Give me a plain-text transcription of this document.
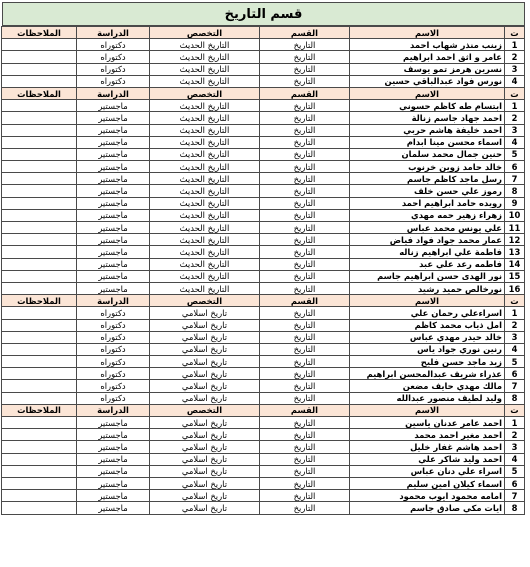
قسم التاريخ
ت	الاسم	القسم	التخصص	الدراسة	الملاحظات
1	زينب منذر شهاب احمد	التاريخ	التاريخ الحديث	دكتوراه	
2	عامر و اثق احمد ابراهيم	التاريخ	التاريخ الحديث	دكتوراه	
3	نسرين هرمز تمو يوسف	التاريخ	التاريخ الحديث	دكتوراه	
4	نورس فواد عبدالباقي حسين	التاريخ	التاريخ الحديث	دكتوراه	
ت	الاسم	القسم	التخصص	الدراسة	الملاحظات
1	ابتسام طه كاظم حسوني	التاريخ	التاريخ الحديث	ماجستير	
2	احمد جهاد جاسم زنالة	التاريخ	التاريخ الحديث	ماجستير	
3	احمد خليفة هاشم حربي	التاريخ	التاريخ الحديث	ماجستير	
4	اسماء محسن مينا ابدام	التاريخ	التاريخ الحديث	ماجستير	
5	حنين جمال محمد سلمان	التاريخ	التاريخ الحديث	ماجستير	
6	خالد حامد زوين خرنوب	التاريخ	التاريخ الحديث	ماجستير	
7	رسل ماجد كاظم جاسم	التاريخ	التاريخ الحديث	ماجستير	
8	رموز علي حسن خلف	التاريخ	التاريخ الحديث	ماجستير	
9	رويده حامد ابراهيم احمد	التاريخ	التاريخ الحديث	ماجستير	
10	زهراء زهير حمه مهدي	التاريخ	التاريخ الحديث	ماجستير	
11	علي يونس محمد عباس	التاريخ	التاريخ الحديث	ماجستير	
12	عمار محمد جواد فواد فياض	التاريخ	التاريخ الحديث	ماجستير	
13	فاطمة علي ابراهيم زناله	التاريخ	التاريخ الحديث	ماجستير	
14	فاطمه رعد علي عبد	التاريخ	التاريخ الحديث	ماجستير	
15	نور الهدى حسن ابراهيم جاسم	التاريخ	التاريخ الحديث	ماجستير	
16	نورخالص حميد رشيد	التاريخ	التاريخ الحديث	ماجستير	
ت	الاسم	القسم	التخصص	الدراسة	الملاحظات
1	اسراءعلي رحمان علي	التاريخ	تاريخ اسلامي	دكتوراه	
2	امل ذياب محمد كاظم	التاريخ	تاريخ اسلامي	دكتوراه	
3	خالد حيدر مهدي عباس	التاريخ	تاريخ اسلامي	دكتوراه	
4	رنين نوري جواد ياس	التاريخ	تاريخ اسلامي	دكتوراه	
5	زيد ماجد حسن فليح	التاريخ	تاريخ اسلامي	دكتوراه	
6	عذراء شريف عبدالمحسن ابراهيم	التاريخ	تاريخ اسلامي	دكتوراه	
7	مالك مهدي حايف مضعن	التاريخ	تاريخ اسلامي	دكتوراه	
8	وليد لطيف منصور عبدالله	التاريخ	تاريخ اسلامي	دكتوراه	
ت	الاسم	القسم	التخصص	الدراسة	الملاحظات
1	احمد عامر عدنان ياسين	التاريخ	تاريخ اسلامي	ماجستير	
2	احمد مغير احمد محمد	التاريخ	تاريخ اسلامي	ماجستير	
3	احمد هاشم غفار خليل	التاريخ	تاريخ اسلامي	ماجستير	
4	احمد وليد شاكر علي	التاريخ	تاريخ اسلامي	ماجستير	
5	اسراء علي دنان عباس	التاريخ	تاريخ اسلامي	ماجستير	
6	اسماء كيلان امين سليم	التاريخ	تاريخ اسلامي	ماجستير	
7	امامه محمود ايوب محمود	التاريخ	تاريخ اسلامي	ماجستير	
8	ايات مكي صادق جاسم	التاريخ	تاريخ اسلامي	ماجستير	
